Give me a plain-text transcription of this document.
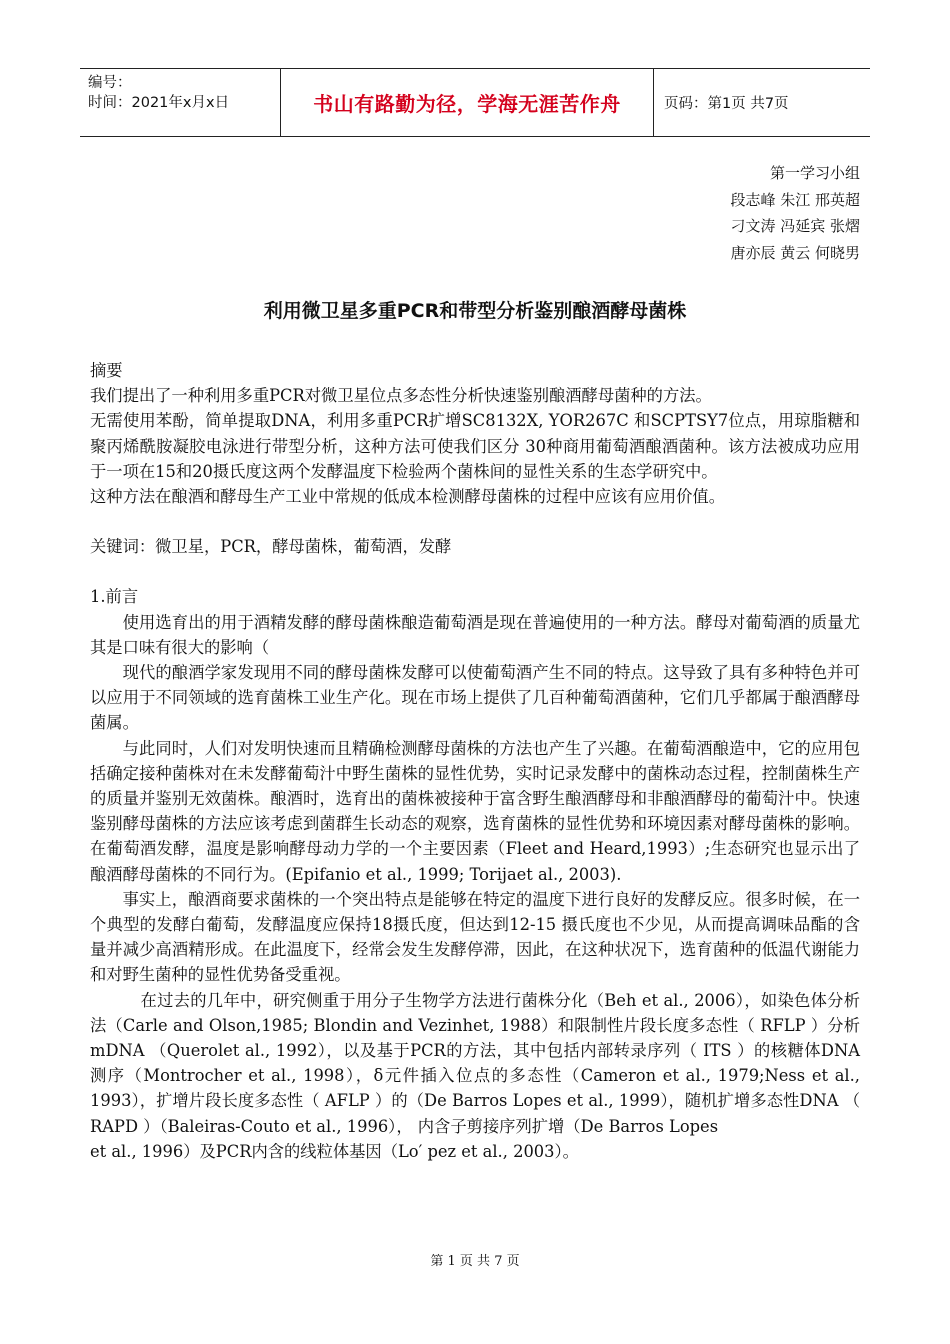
编号：
时间：2021年x月x日	书山有路勤为径，学海无涯苦作舟	页码：第1页 共7页
第一学习小组
段志峰 朱江 邢英超
刁文涛 冯延宾 张熠
唐亦辰 黄云 何晓男
利用微卫星多重PCR和带型分析鉴别酿酒酵母菌株

摘要

我们提出了一种利用多重PCR对微卫星位点多态性分析快速鉴别酿酒酵母菌种的方法。

无需使用苯酚，简单提取DNA，利用多重PCR扩增SC8132X, YOR267C 和SCPTSY7位点，用琼脂糖和聚丙烯酰胺凝胶电泳进行带型分析，这种方法可使我们区分 30种商用葡萄酒酿酒菌种。该方法被成功应用于一项在15和20摄氏度这两个发酵温度下检验两个菌株间的显性关系的生态学研究中。

这种方法在酿酒和酵母生产工业中常规的低成本检测酵母菌株的过程中应该有应用价值。

关键词：微卫星，PCR，酵母菌株，葡萄酒，发酵

1.前言

使用选育出的用于酒精发酵的酵母菌株酿造葡萄酒是现在普遍使用的一种方法。酵母对葡萄酒的质量尤其是口味有很大的影响（

现代的酿酒学家发现用不同的酵母菌株发酵可以使葡萄酒产生不同的特点。这导致了具有多种特色并可以应用于不同领域的选育菌株工业生产化。现在市场上提供了几百种葡萄酒菌种，它们几乎都属于酿酒酵母菌属。

与此同时，人们对发明快速而且精确检测酵母菌株的方法也产生了兴趣。在葡萄酒酿造中，它的应用包括确定接种菌株对在未发酵葡萄汁中野生菌株的显性优势，实时记录发酵中的菌株动态过程，控制菌株生产的质量并鉴别无效菌株。酿酒时，选育出的菌株被接种于富含野生酿酒酵母和非酿酒酵母的葡萄汁中。快速鉴别酵母菌株的方法应该考虑到菌群生长动态的观察，选育菌株的显性优势和环境因素对酵母菌株的影响。在葡萄酒发酵，温度是影响酵母动力学的一个主要因素（Fleet and Heard,1993）;生态研究也显示出了酿酒酵母菌株的不同行为。(Epifanio et al., 1999; Torijaet al., 2003).

事实上，酿酒商要求菌株的一个突出特点是能够在特定的温度下进行良好的发酵反应。很多时候，在一个典型的发酵白葡萄，发酵温度应保持18摄氏度，但达到12-15 摄氏度也不少见，从而提高调味品酯的含量并减少高酒精形成。在此温度下，经常会发生发酵停滞，因此，在这种状况下，选育菌种的低温代谢能力和对野生菌种的显性优势备受重视。

在过去的几年中，研究侧重于用分子生物学方法进行菌株分化（Beh et al., 2006），如染色体分析法（Carle and Olson,1985; Blondin and Vezinhet, 1988）和限制性片段长度多态性（ RFLP ）分析mDNA （Querolet al., 1992），以及基于PCR的方法，其中包括内部转录序列（ ITS ）的核糖体DNA 测序（Montrocher et al., 1998），δ元件插入位点的多态性（Cameron et al., 1979;Ness et al., 1993），扩增片段长度多态性（ AFLP ）的（De Barros Lopes et al., 1999），随机扩增多态性DNA （ RAPD ）（Baleiras-Couto et al., 1996）， 内含子剪接序列扩增（De Barros Lopes

et al., 1996）及PCR内含的线粒体基因（Lo′ pez et al., 2003）。

第 1 页 共 7 页
